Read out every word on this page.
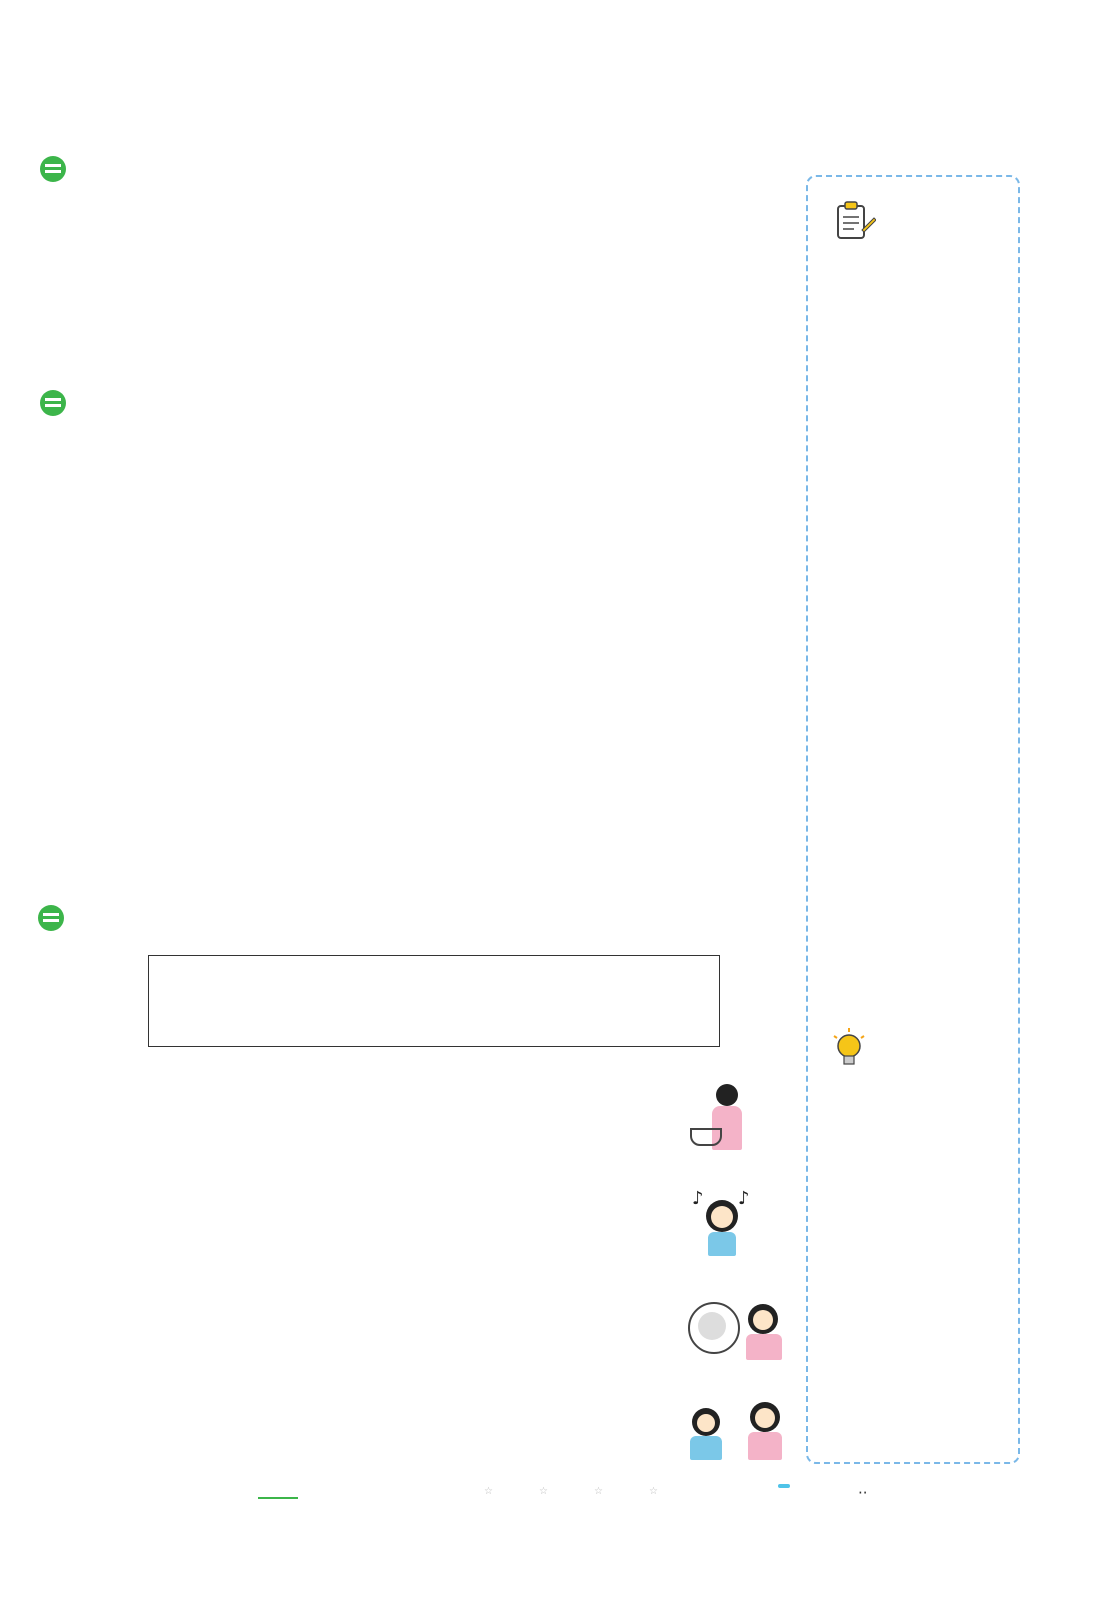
♪ ♪
☆	☆	☆	☆	··
